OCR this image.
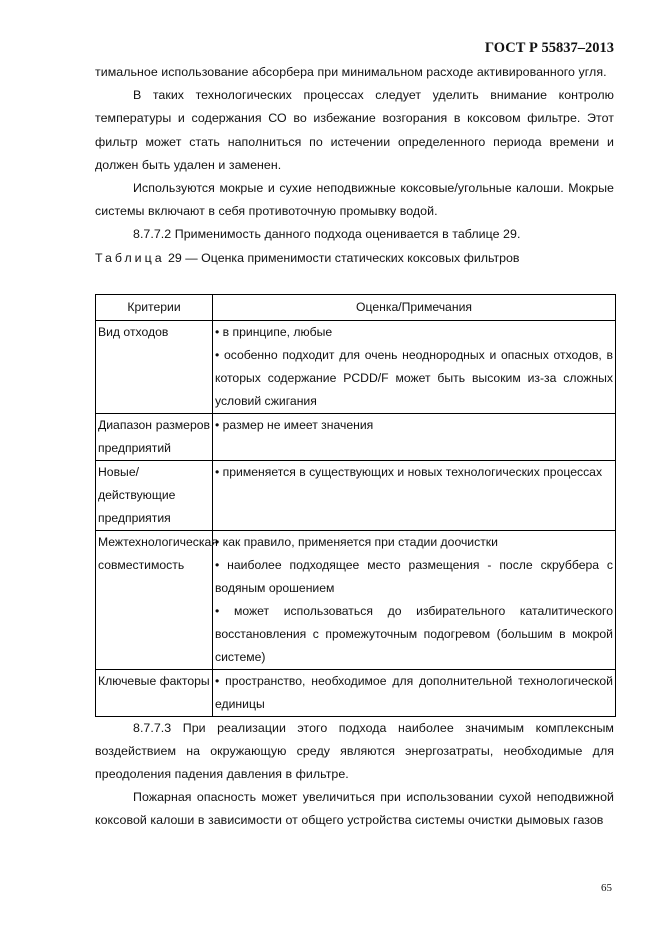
ГОСТ Р 55837–2013

тимальное использование абсорбера при минимальном расходе активированного угля.

В таких технологических процессах следует уделить внимание контролю температуры и содержания СО во избежание возгорания в коксовом фильтре. Этот фильтр может стать наполниться по истечении определенного периода времени и должен быть удален и заменен.

Используются мокрые и сухие неподвижные коксовые/угольные калоши. Мокрые системы включают в себя противоточную промывку водой.

8.7.7.2 Применимость данного подхода оценивается в таблице 29.

Таблица 29 — Оценка применимости статических коксовых фильтров
Критерии	Оценка/Примечания
Вид отходов	• в принципе, любые
• особенно подходит для очень неоднородных и опасных отходов, в которых содержание PCDD/F может быть высоким из-за сложных условий сжигания

Диапазон размеров предприятий	• размер не имеет значения

Новые/действующие предприятия	• применяется в существующих и новых технологических процессах

Межтехнологическая совместимость	• как правило, применяется при стадии доочистки
• наиболее подходящее место размещения - после скруббера с водяным орошением
• может использоваться до избирательного каталитического восстановления с промежуточным подогревом (большим в мокрой системе)

Ключевые факторы	• пространство, необходимое для дополнительной технологической единицы

8.7.7.3 При реализации этого подхода наиболее значимым комплексным воздействием на окружающую среду являются энергозатраты, необходимые для преодоления падения давления в фильтре.

Пожарная опасность может увеличиться при использовании сухой неподвижной коксовой калоши в зависимости от общего устройства системы очистки дымовых газов

65
